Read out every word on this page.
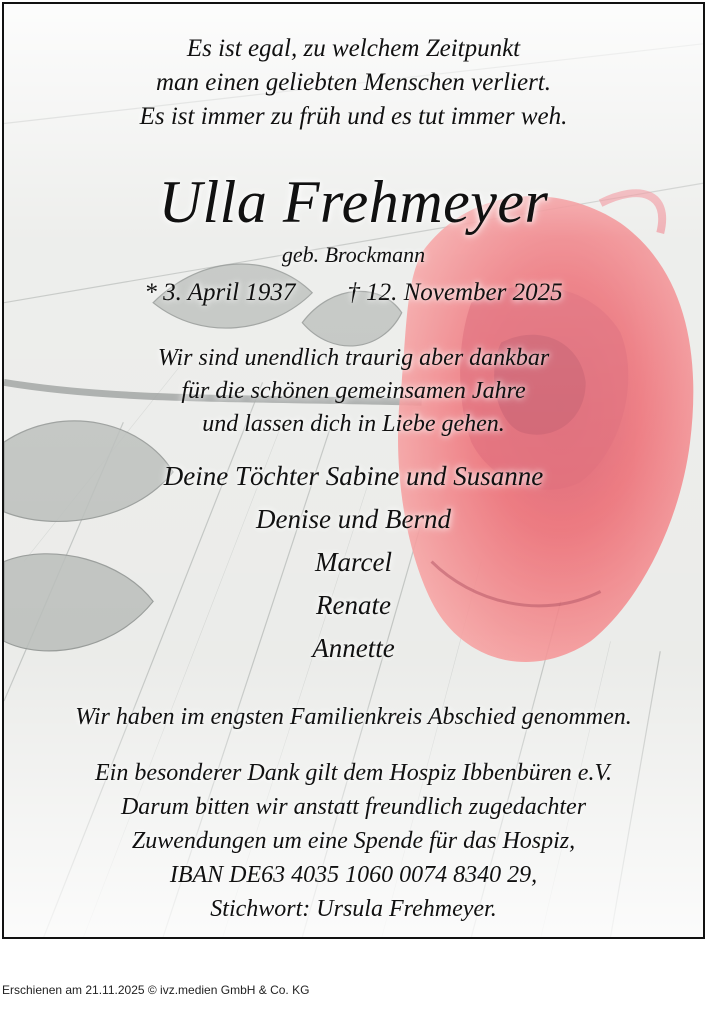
Es ist egal, zu welchem Zeitpunkt
man einen geliebten Menschen verliert.
Es ist immer zu früh und es tut immer weh.
Ulla Frehmeyer
geb. Brockmann
* 3. April 1937 † 12. November 2025
Wir sind unendlich traurig aber dankbar
für die schönen gemeinsamen Jahre
und lassen dich in Liebe gehen.
Deine Töchter Sabine und Susanne
Denise und Bernd
Marcel
Renate
Annette
Wir haben im engsten Familienkreis Abschied genommen.
Ein besonderer Dank gilt dem Hospiz Ibbenbüren e.V.
Darum bitten wir anstatt freundlich zugedachter
Zuwendungen um eine Spende für das Hospiz,
IBAN DE63 4035 1060 0074 8340 29,
Stichwort: Ursula Frehmeyer.
Erschienen am 21.11.2025 © ivz.medien GmbH & Co. KG
